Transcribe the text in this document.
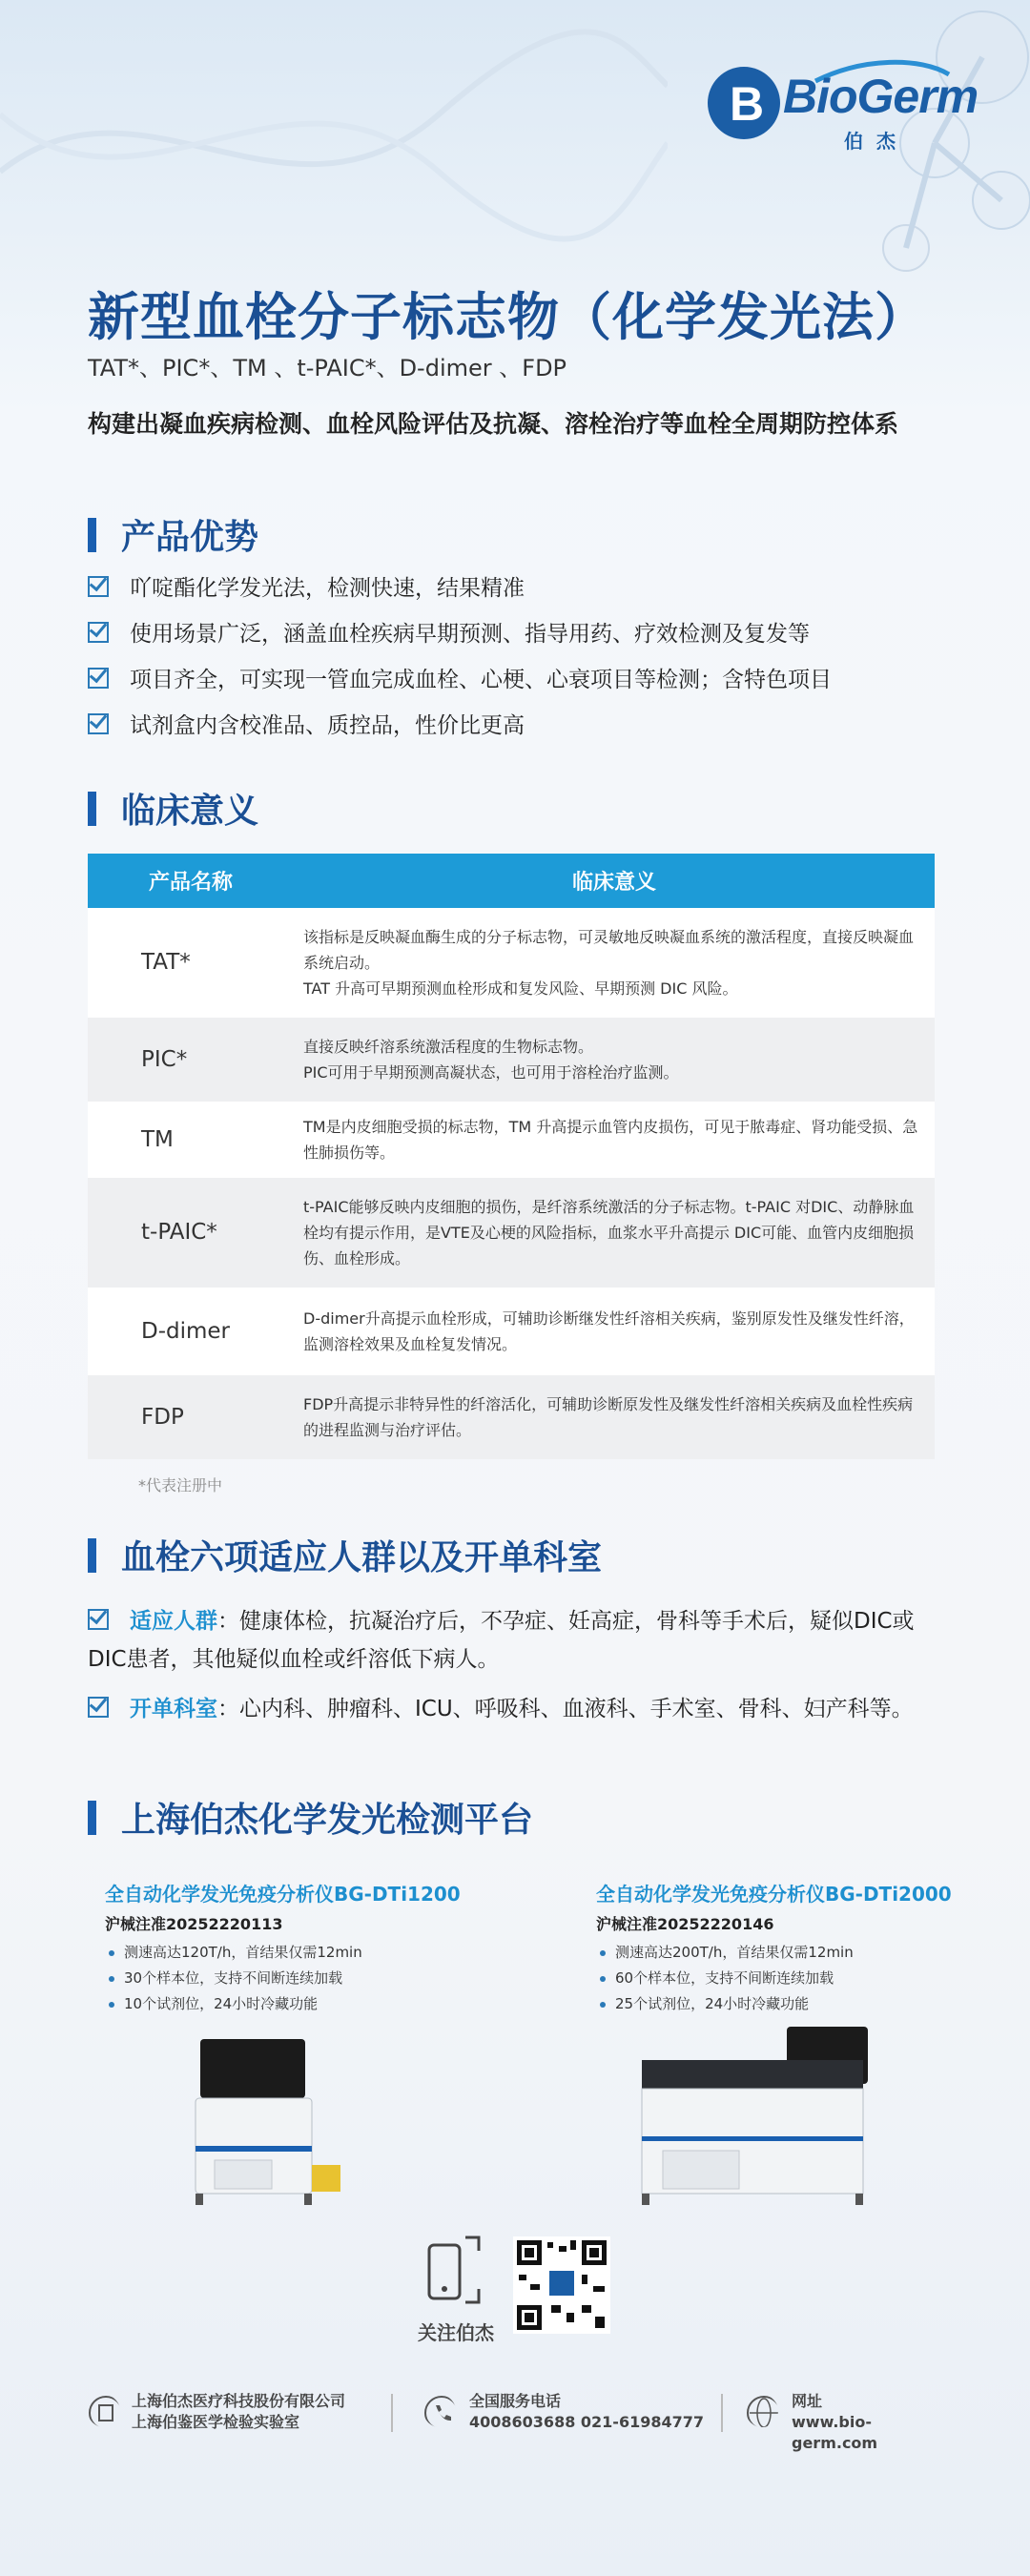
B BioGerm
伯杰
新型血栓分子标志物（化学发光法）
TAT*、PIC*、TM 、t-PAIC*、D-dimer 、FDP
构建出凝血疾病检测、血栓风险评估及抗凝、溶栓治疗等血栓全周期防控体系
产品优势
吖啶酯化学发光法，检测快速，结果精准
使用场景广泛，涵盖血栓疾病早期预测、指导用药、疗效检测及复发等
项目齐全，可实现一管血完成血栓、心梗、心衰项目等检测；含特色项目
试剂盒内含校准品、质控品，性价比更高
临床意义
产品名称	临床意义
TAT*	该指标是反映凝血酶生成的分子标志物，可灵敏地反映凝血系统的激活程度，直接反映凝血系统启动。
TAT 升高可早期预测血栓形成和复发风险、早期预测 DIC 风险。
PIC*	直接反映纤溶系统激活程度的生物标志物。
PIC可用于早期预测高凝状态，也可用于溶栓治疗监测。
TM	TM是内皮细胞受损的标志物，TM 升高提示血管内皮损伤，可见于脓毒症、肾功能受损、急性肺损伤等。
t-PAIC*	t-PAIC能够反映内皮细胞的损伤，是纤溶系统激活的分子标志物。t-PAIC 对DIC、动静脉血栓均有提示作用，是VTE及心梗的风险指标，血浆水平升高提示 DIC可能、血管内皮细胞损伤、血栓形成。
D-dimer	D-dimer升高提示血栓形成，可辅助诊断继发性纤溶相关疾病，鉴别原发性及继发性纤溶，监测溶栓效果及血栓复发情况。
FDP	FDP升高提示非特异性的纤溶活化，可辅助诊断原发性及继发性纤溶相关疾病及血栓性疾病的进程监测与治疗评估。
*代表注册中
血栓六项适应人群以及开单科室
适应人群：健康体检，抗凝治疗后，不孕症、妊高症，骨科等手术后，疑似DIC或DIC患者，其他疑似血栓或纤溶低下病人。
开单科室：心内科、肿瘤科、ICU、呼吸科、血液科、手术室、骨科、妇产科等。
上海伯杰化学发光检测平台
全自动化学发光免疫分析仪BG-DTi1200
沪械注准20252220113
测速高达120T/h，首结果仅需12min
30个样本位，支持不间断连续加载
10个试剂位，24小时冷藏功能
全自动化学发光免疫分析仪BG-DTi2000
沪械注准20252220146
测速高达200T/h，首结果仅需12min
60个样本位，支持不间断连续加载
25个试剂位，24小时冷藏功能
关注伯杰
上海伯杰医疗科技股份有限公司
上海伯鉴医学检验实验室
全国服务电话
4008603688 021-61984777
网址
www.bio-germ.com
